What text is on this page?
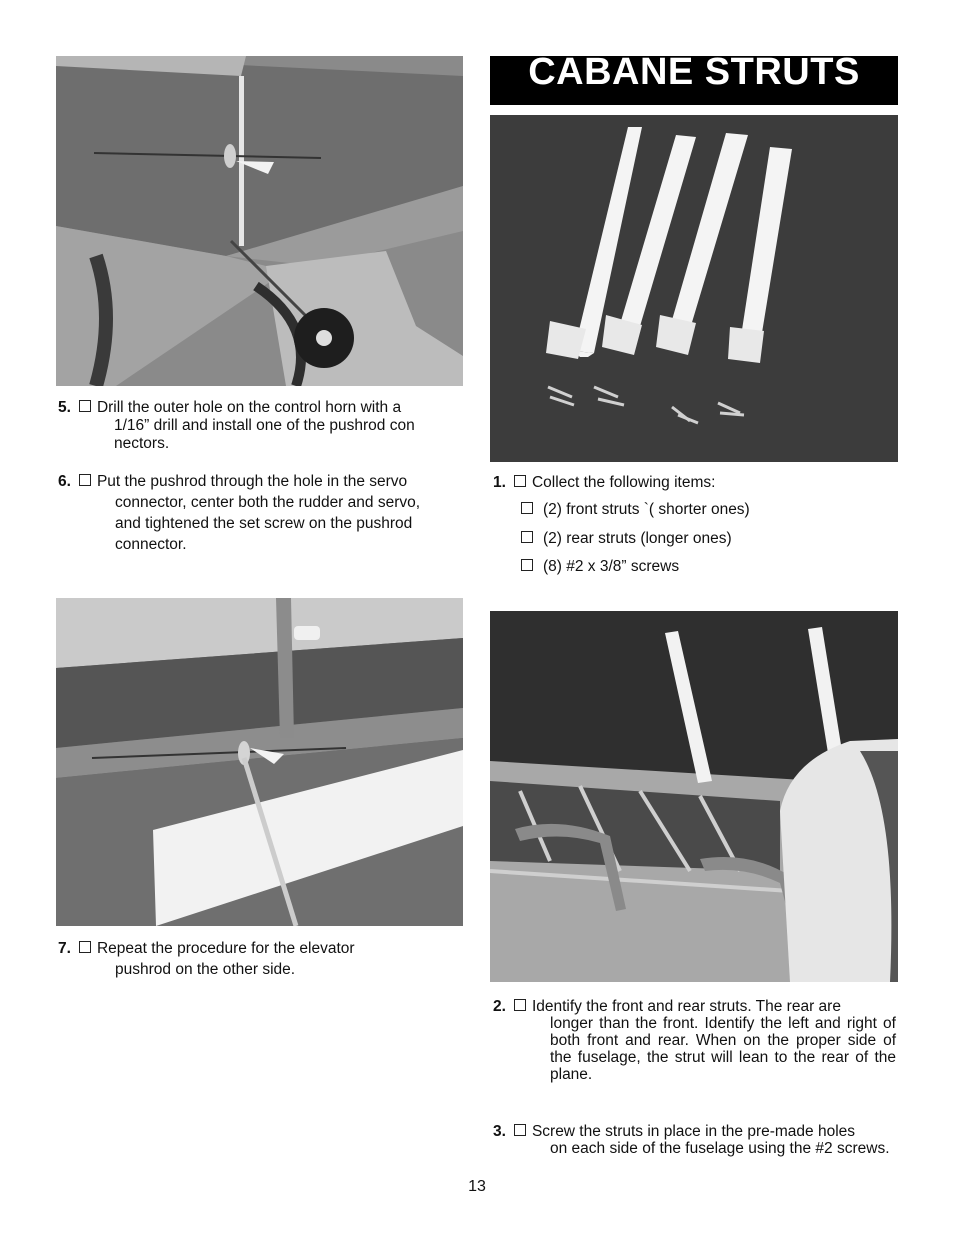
5. Drill the outer hole on the control horn with a
1/16” drill and install one of the pushrod con
nectors.
6. Put the pushrod through the hole in the servo
connector, center both the rudder and servo,
and tightened the set screw on the pushrod
connector.
7. Repeat the procedure for the elevator
pushrod on the other side.
CABANE STRUTS
1. Collect the following items:
(2) front struts `( shorter ones)
(2) rear struts (longer ones)
(8) #2 x 3/8” screws
2. Identify the front and rear struts. The rear are
longer than the front. Identify the left and right of both front and rear. When on the proper side of the fuselage, the strut will lean to the rear of the plane.
3. Screw the struts in place in the pre-made holes
on each side of the fuselage using the #2 screws.
13
